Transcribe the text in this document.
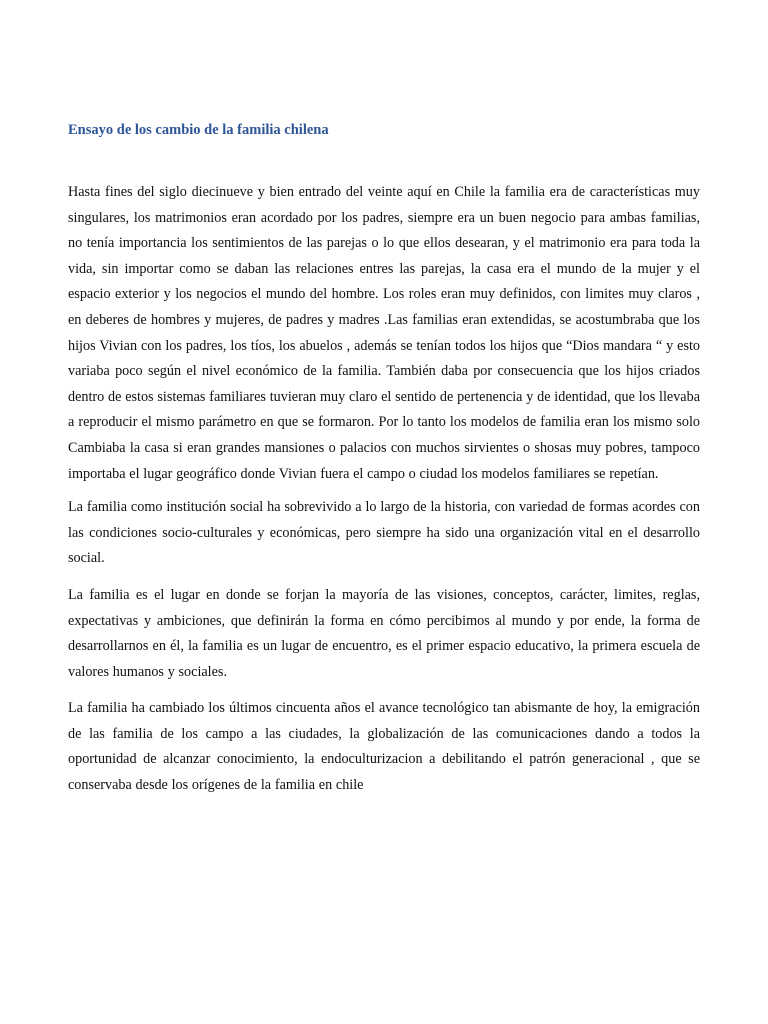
Ensayo de los cambio de la familia chilena

Hasta fines del siglo diecinueve y bien entrado del veinte aquí en Chile la familia era de características muy singulares, los matrimonios eran acordado por los padres, siempre era un buen negocio para ambas familias, no tenía importancia los sentimientos de las parejas o lo que ellos desearan, y el matrimonio era para toda la vida, sin importar como se daban las relaciones entres las parejas, la casa era el mundo de la mujer y el espacio exterior y los negocios el mundo del hombre. Los roles eran muy definidos, con limites muy claros , en deberes de hombres y mujeres, de padres y madres .Las familias eran extendidas, se acostumbraba que los hijos Vivian con los padres, los tíos, los abuelos , además se tenían todos los hijos que “Dios mandara “ y esto variaba poco según el nivel económico de la familia. También daba por consecuencia que los hijos criados dentro de estos sistemas familiares tuvieran muy claro el sentido de pertenencia y de identidad, que los llevaba a reproducir el mismo parámetro en que se formaron. Por lo tanto los modelos de familia eran los mismo solo Cambiaba la casa si eran grandes mansiones o palacios con muchos sirvientes o shosas muy pobres, tampoco importaba el lugar geográfico donde Vivian fuera el campo o ciudad los modelos familiares se repetían.

La familia como institución social ha sobrevivido a lo largo de la historia, con variedad de formas acordes con las condiciones socio-culturales y económicas, pero siempre ha sido una organización vital en el desarrollo social.

La familia es el lugar en donde se forjan la mayoría de las visiones, conceptos, carácter, limites, reglas, expectativas y ambiciones, que definirán la forma en cómo percibimos al mundo y por ende, la forma de desarrollarnos en él, la familia es un lugar de encuentro, es el primer espacio educativo, la primera escuela de valores humanos y sociales.

La familia ha cambiado los últimos cincuenta años el avance tecnológico tan abismante de hoy, la emigración de las familia de los campo a las ciudades, la globalización de las comunicaciones dando a todos la oportunidad de alcanzar conocimiento, la endoculturizacion a debilitando el patrón generacional , que se conservaba desde los orígenes de la familia en chile
